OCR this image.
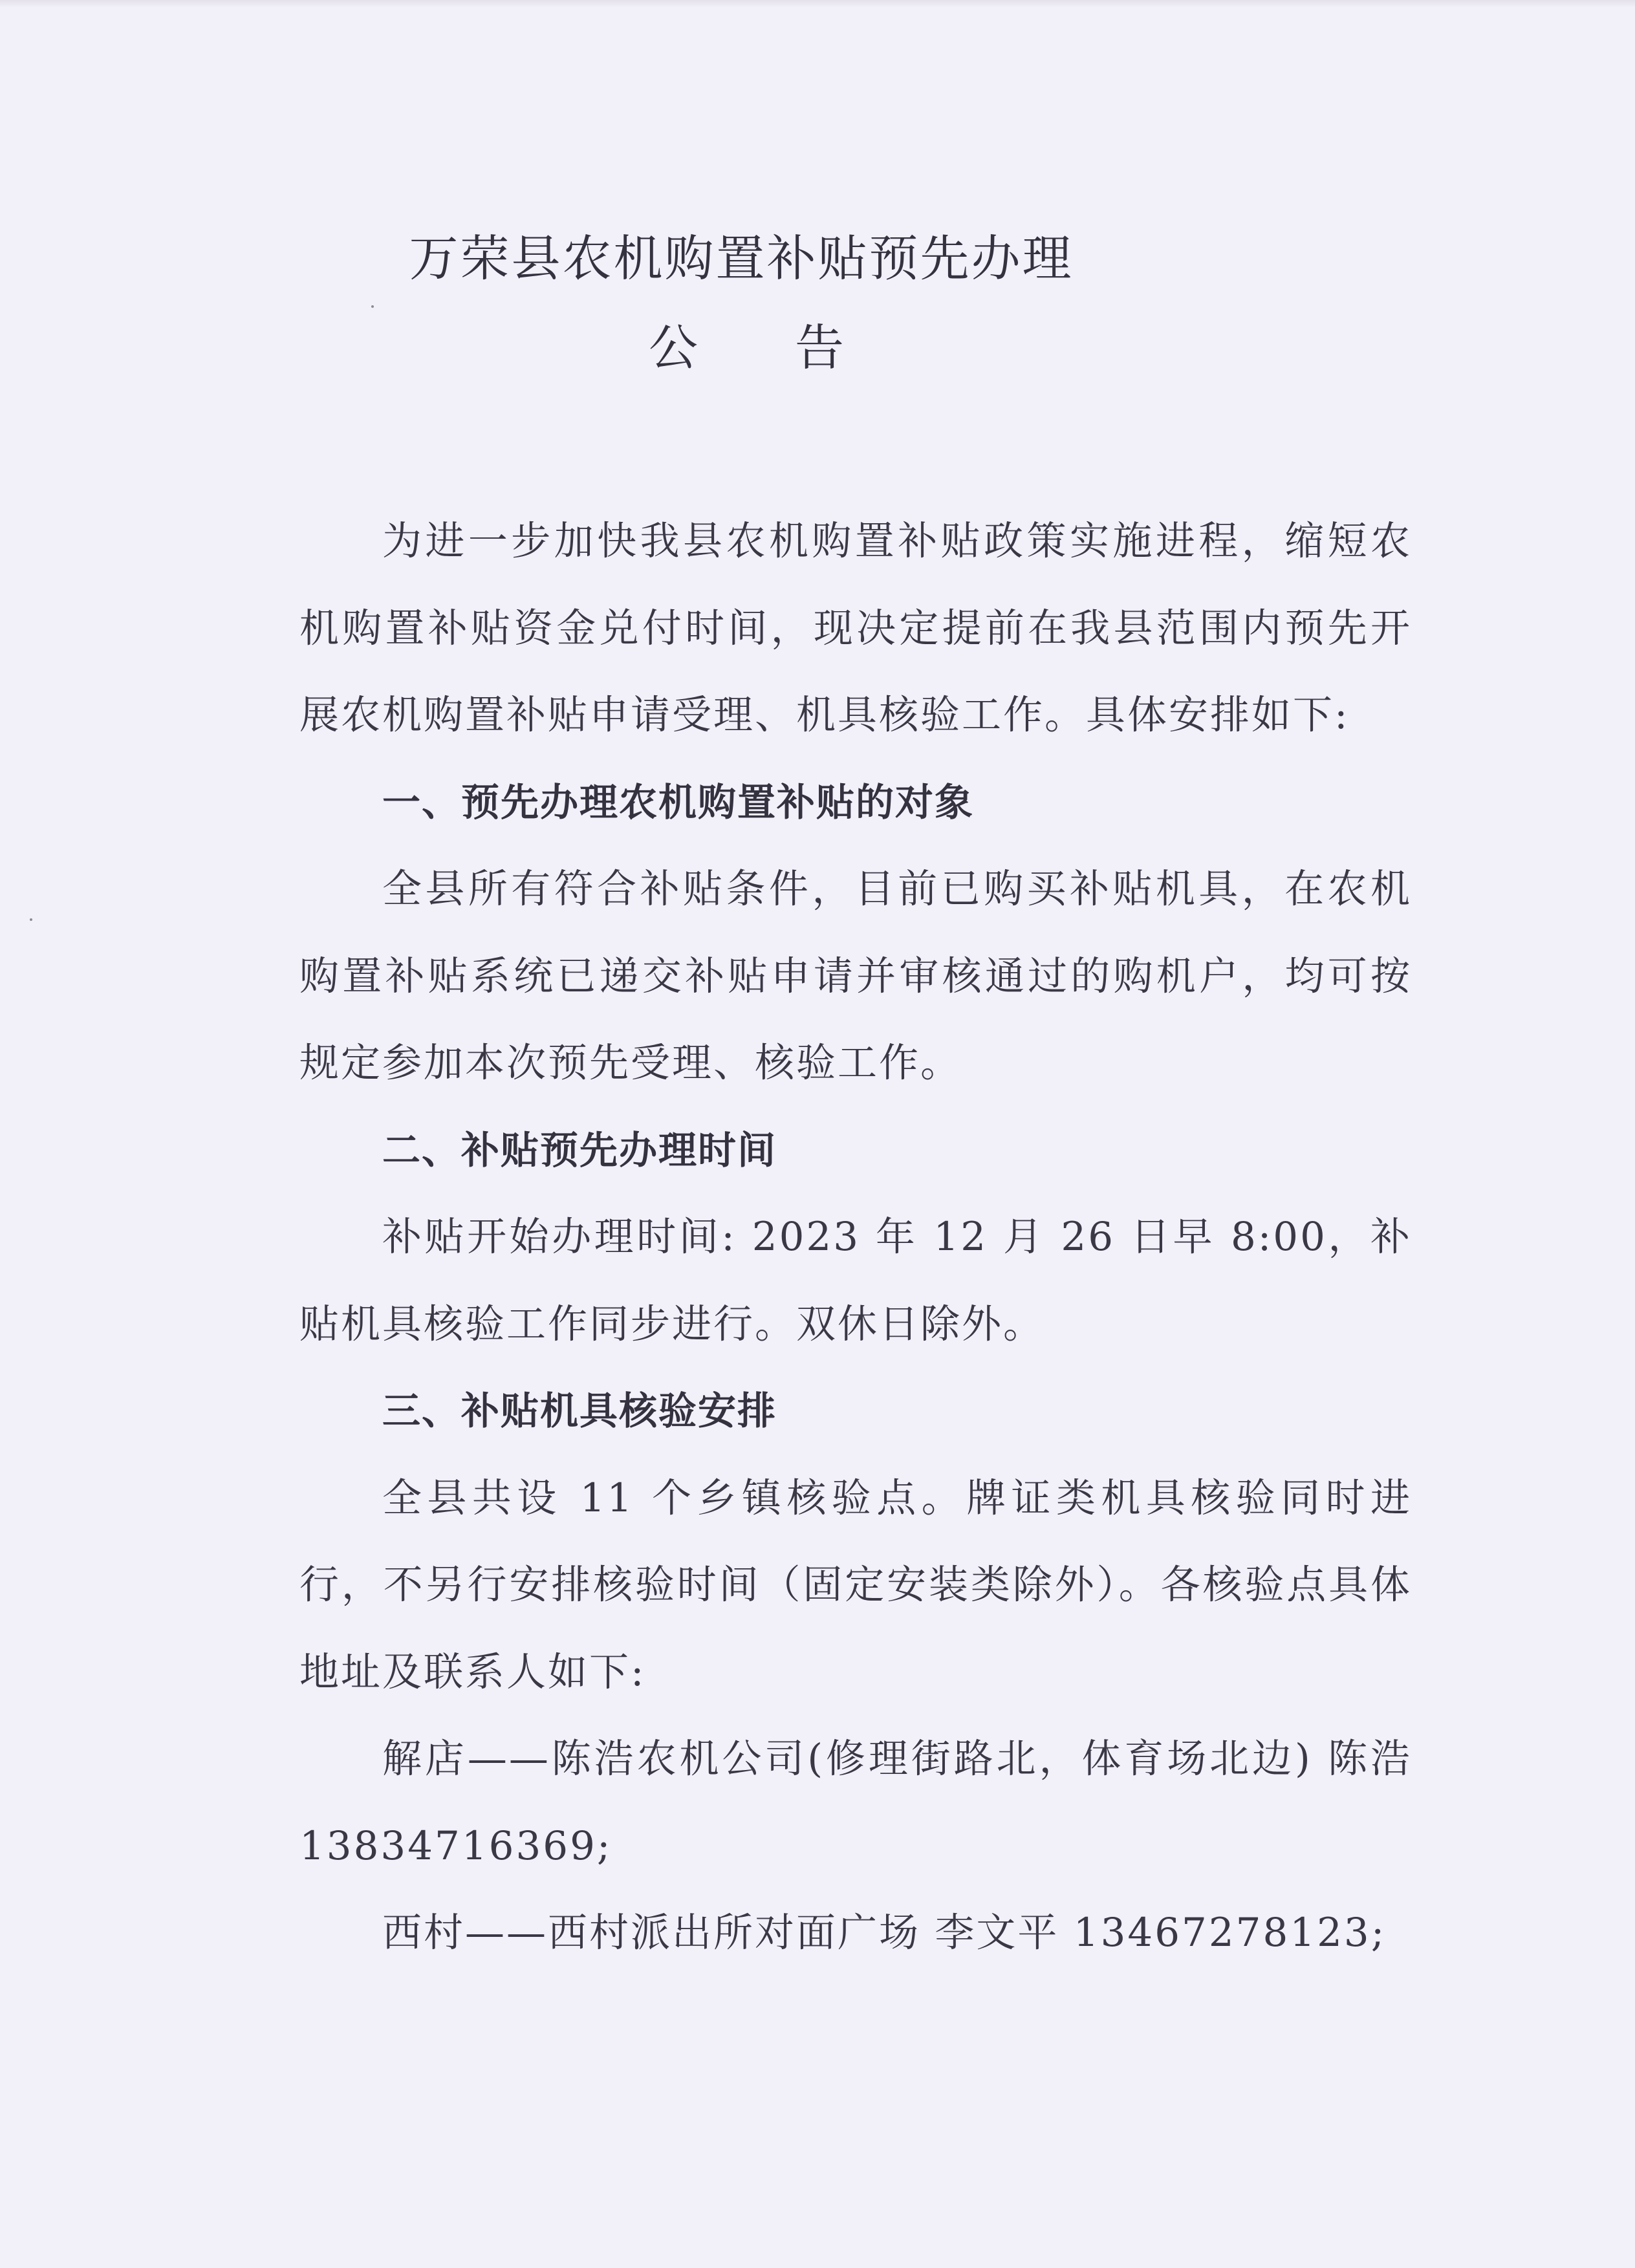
万荣县农机购置补贴预先办理
公告

为进一步加快我县农机购置补贴政策实施进程，缩短农机购置补贴资金兑付时间，现决定提前在我县范围内预先开展农机购置补贴申请受理、机具核验工作。具体安排如下:

一、预先办理农机购置补贴的对象

全县所有符合补贴条件，目前已购买补贴机具，在农机购置补贴系统已递交补贴申请并审核通过的购机户，均可按规定参加本次预先受理、核验工作。

二、补贴预先办理时间

补贴开始办理时间: 2023 年 12 月 26 日早 8:00，补贴机具核验工作同步进行。双休日除外。

三、补贴机具核验安排

全县共设 11 个乡镇核验点。牌证类机具核验同时进行，不另行安排核验时间（固定安装类除外）。各核验点具体地址及联系人如下:

解店——陈浩农机公司(修理街路北，体育场北边) 陈浩 13834716369;

西村——西村派出所对面广场 李文平 13467278123;
